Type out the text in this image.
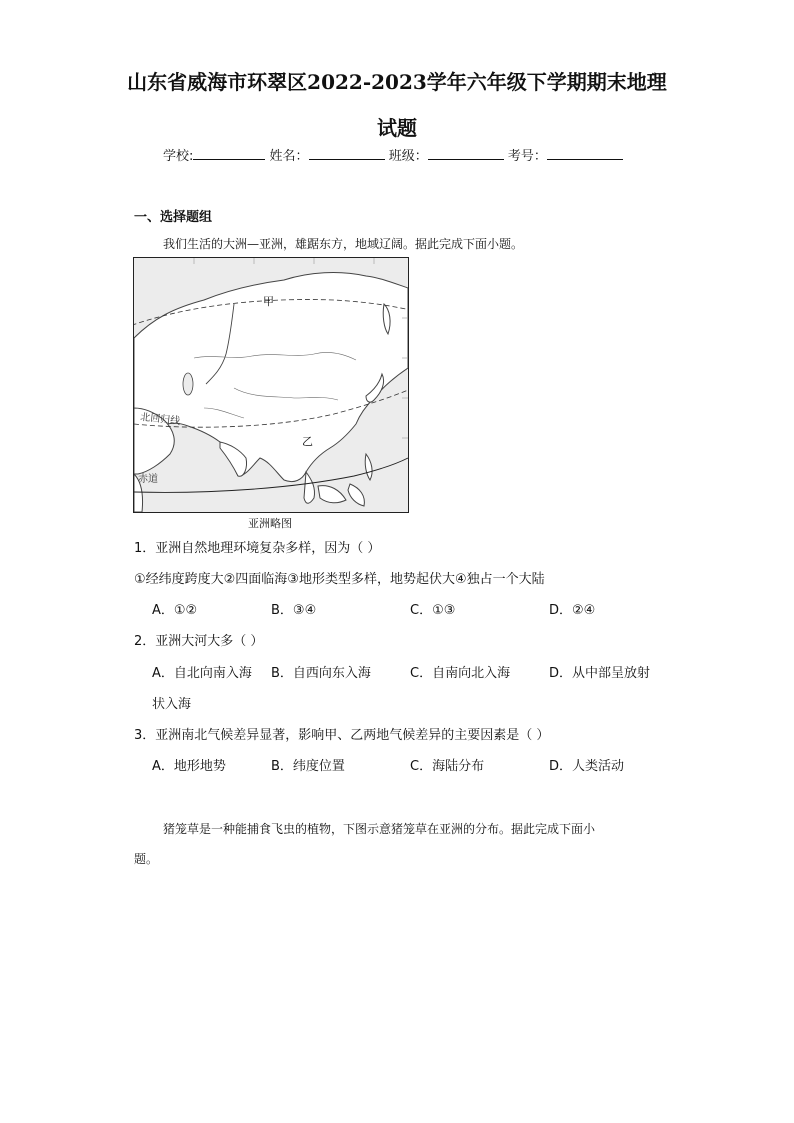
山东省威海市环翠区2022-2023学年六年级下学期期末地理
试题
学校:	姓名：	班级：	考号：
一、选择题组
我们生活的大洲—亚洲，雄踞东方，地域辽阔。据此完成下面小题。
甲
乙
北回归线
赤道
亚洲略图
1．亚洲自然地理环境复杂多样，因为（ ）
①经纬度跨度大②四面临海③地形类型多样，地势起伏大④独占一个大陆
A．①②	B．③④	C．①③	D．②④
2．亚洲大河大多（ ）
A．自北向南入海 B．自西向东入海	C．自南向北入海	D．从中部呈放射
状入海
3．亚洲南北气候差异显著，影响甲、乙两地气候差异的主要因素是（ ）
A．地形地势	B．纬度位置	C．海陆分布	D．人类活动
猪笼草是一种能捕食飞虫的植物，下图示意猪笼草在亚洲的分布。据此完成下面小
题。
